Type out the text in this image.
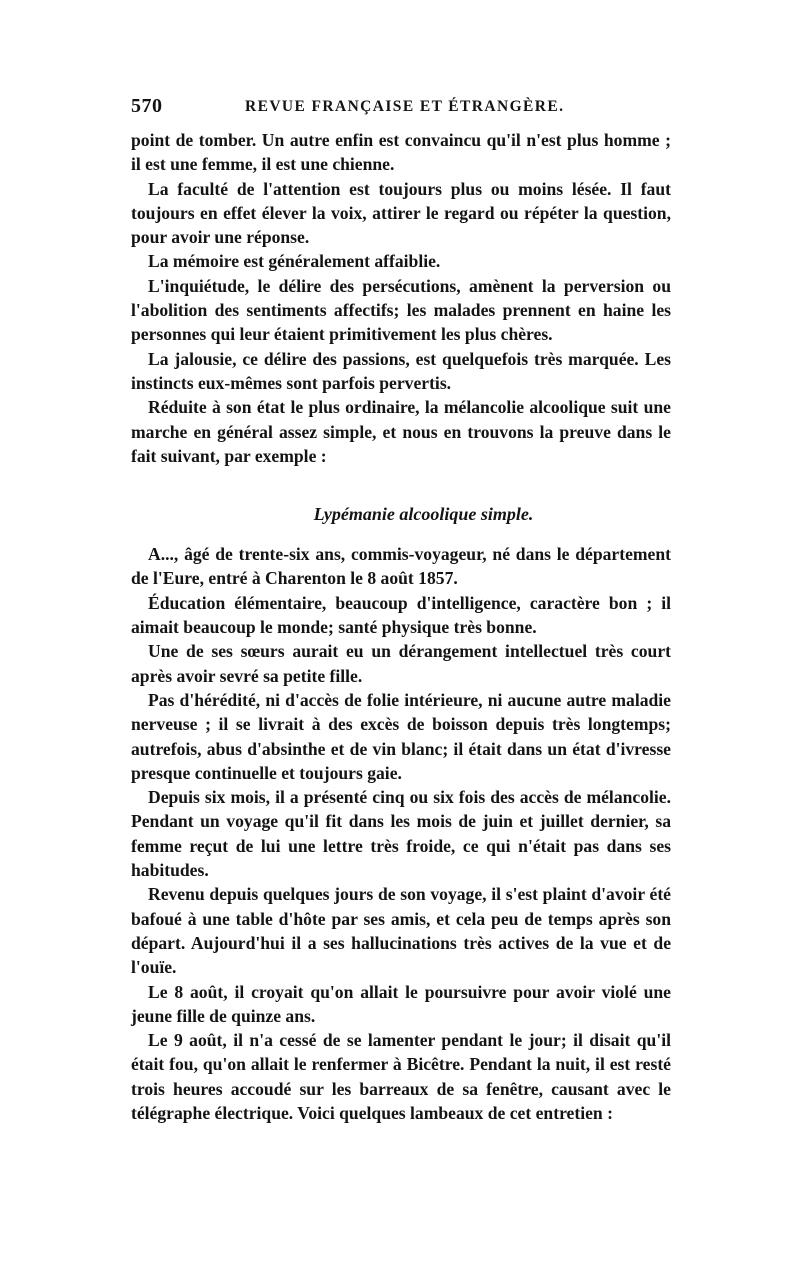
570	REVUE FRANÇAISE ET ÉTRANGÈRE.

point de tomber. Un autre enfin est convaincu qu'il n'est plus homme ; il est une femme, il est une chienne.

La faculté de l'attention est toujours plus ou moins lésée. Il faut toujours en effet élever la voix, attirer le regard ou répéter la question, pour avoir une réponse.

La mémoire est généralement affaiblie.

L'inquiétude, le délire des persécutions, amènent la perversion ou l'abolition des sentiments affectifs; les malades prennent en haine les personnes qui leur étaient primitivement les plus chères.

La jalousie, ce délire des passions, est quelquefois très marquée. Les instincts eux-mêmes sont parfois pervertis.

Réduite à son état le plus ordinaire, la mélancolie alcoolique suit une marche en général assez simple, et nous en trouvons la preuve dans le fait suivant, par exemple :

Lypémanie alcoolique simple.

A..., âgé de trente-six ans, commis-voyageur, né dans le département de l'Eure, entré à Charenton le 8 août 1857.

Éducation élémentaire, beaucoup d'intelligence, caractère bon ; il aimait beaucoup le monde; santé physique très bonne.

Une de ses sœurs aurait eu un dérangement intellectuel très court après avoir sevré sa petite fille.

Pas d'hérédité, ni d'accès de folie intérieure, ni aucune autre maladie nerveuse ; il se livrait à des excès de boisson depuis très longtemps; autrefois, abus d'absinthe et de vin blanc; il était dans un état d'ivresse presque continuelle et toujours gaie.

Depuis six mois, il a présenté cinq ou six fois des accès de mélancolie. Pendant un voyage qu'il fit dans les mois de juin et juillet dernier, sa femme reçut de lui une lettre très froide, ce qui n'était pas dans ses habitudes.

Revenu depuis quelques jours de son voyage, il s'est plaint d'avoir été bafoué à une table d'hôte par ses amis, et cela peu de temps après son départ. Aujourd'hui il a ses hallucinations très actives de la vue et de l'ouïe.

Le 8 août, il croyait qu'on allait le poursuivre pour avoir violé une jeune fille de quinze ans.

Le 9 août, il n'a cessé de se lamenter pendant le jour; il disait qu'il était fou, qu'on allait le renfermer à Bicêtre. Pendant la nuit, il est resté trois heures accoudé sur les barreaux de sa fenêtre, causant avec le télégraphe électrique. Voici quelques lambeaux de cet entretien :
